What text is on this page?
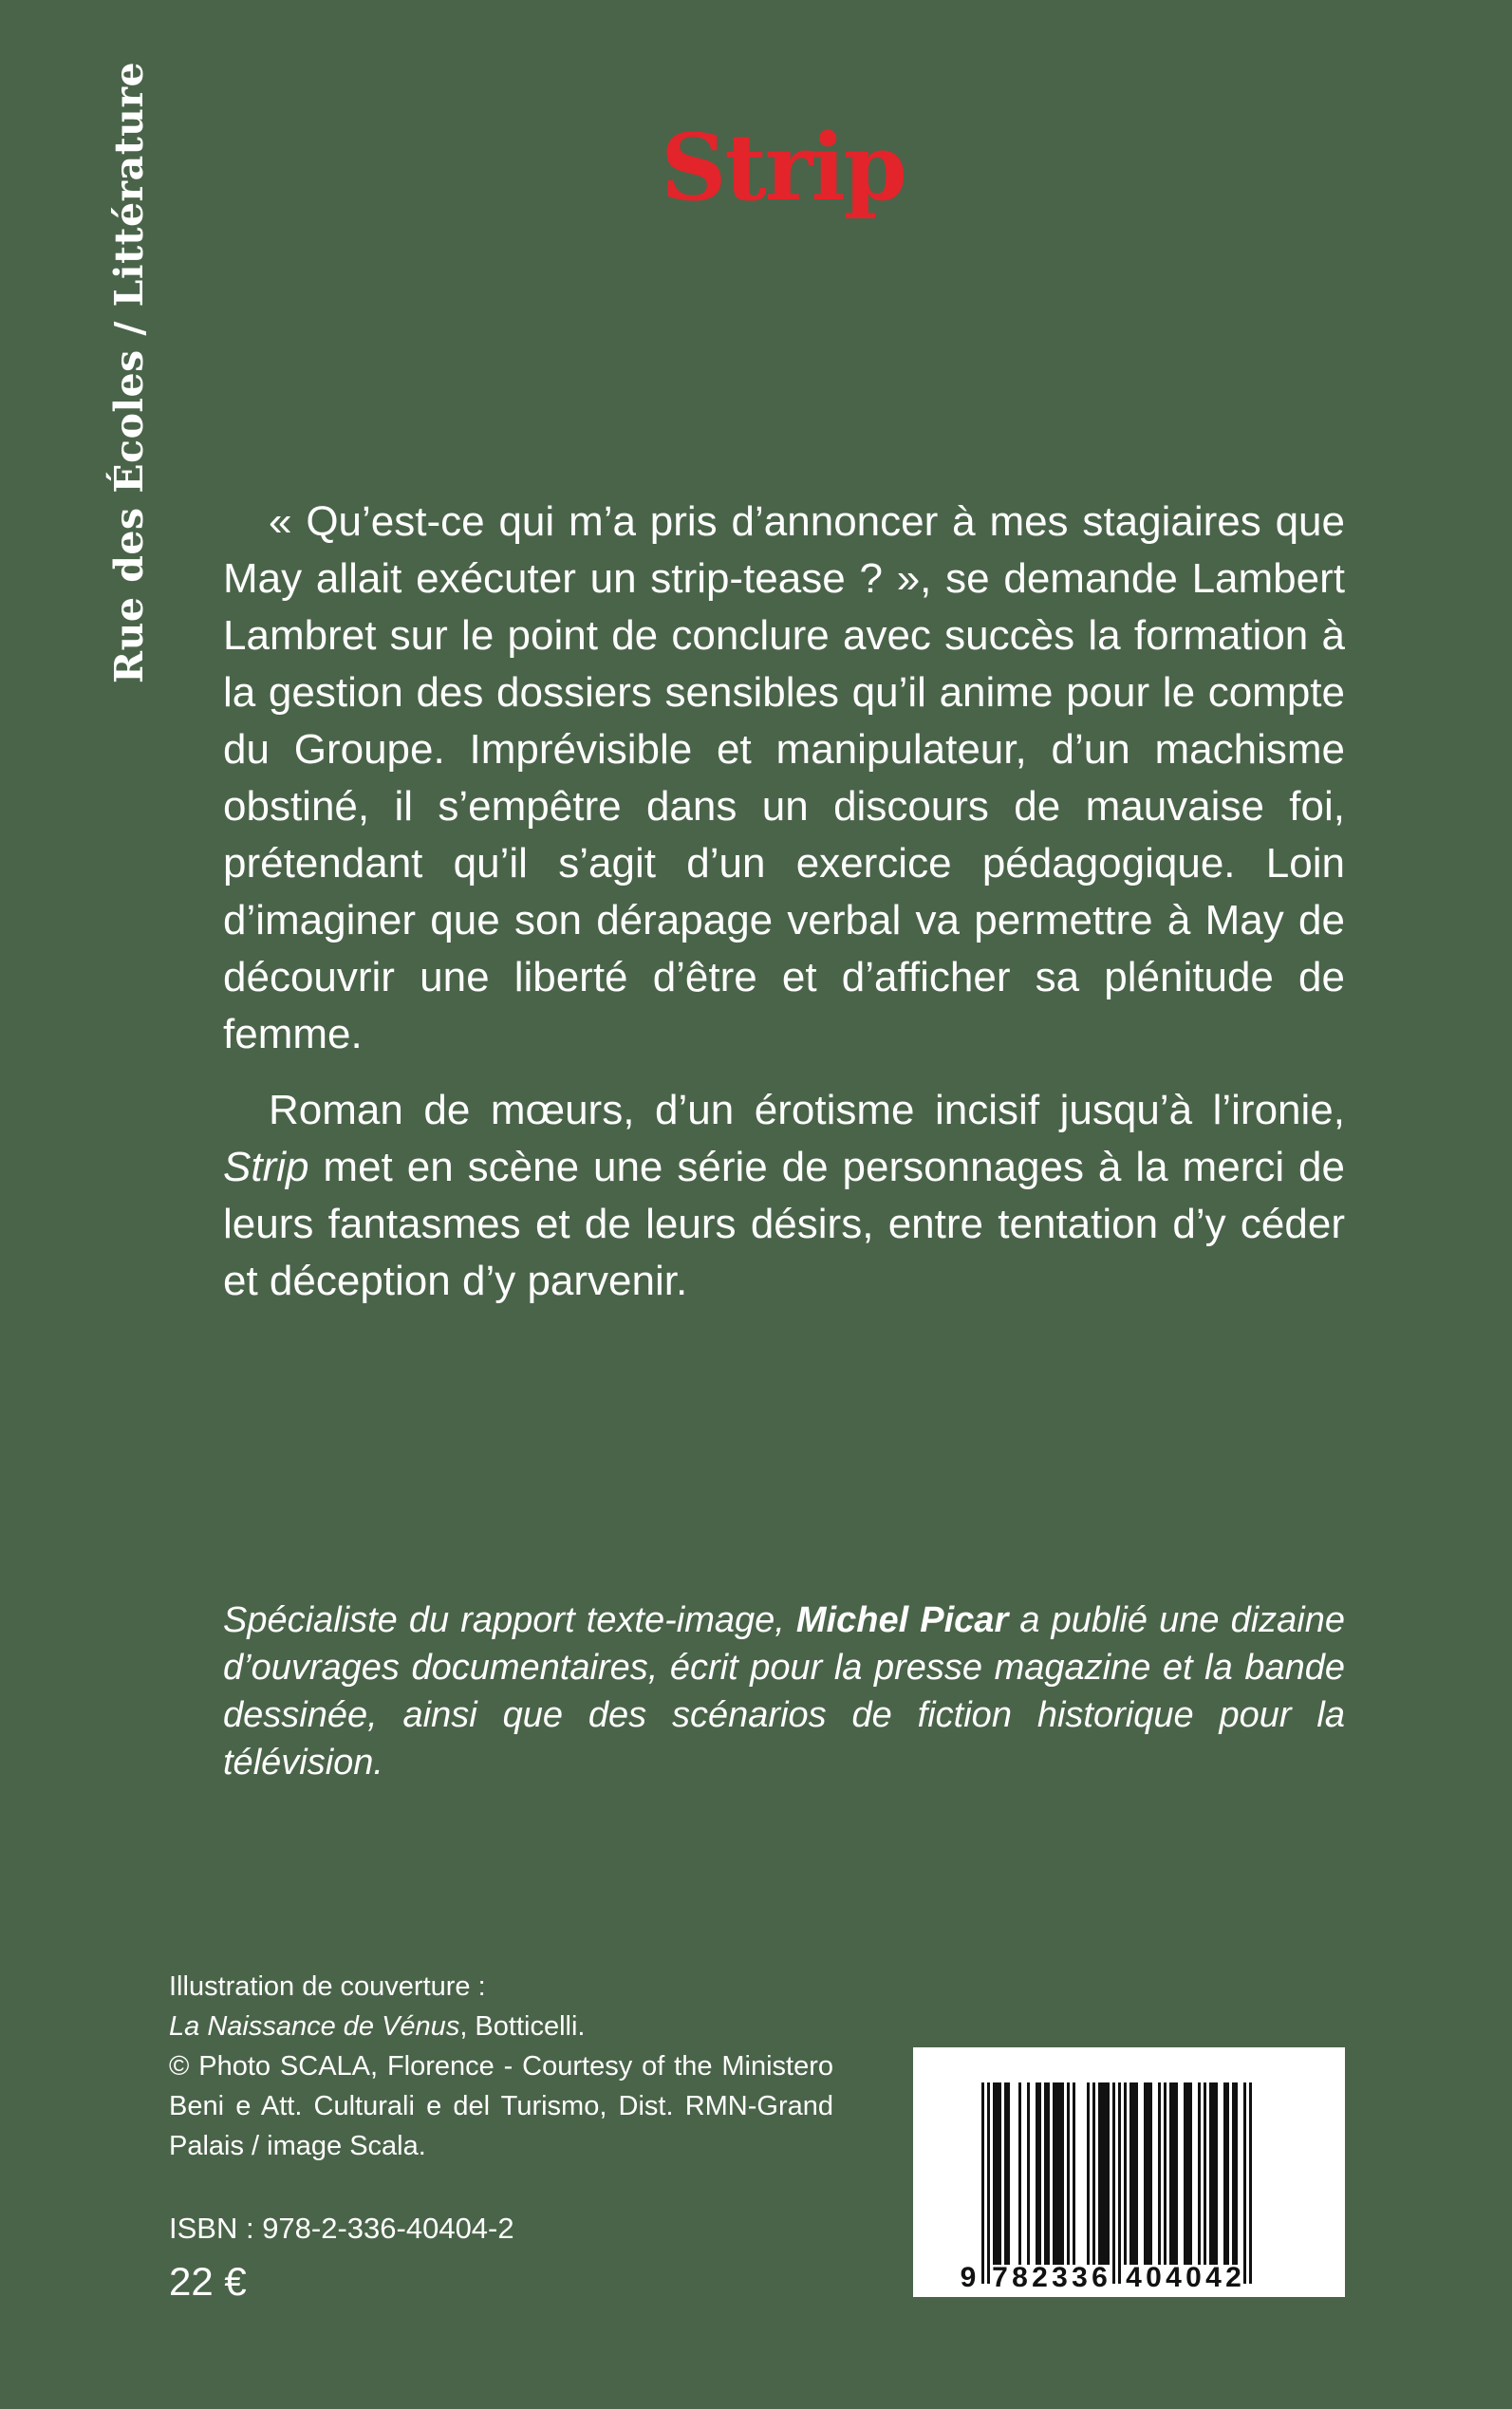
Rue des Écoles / Littérature	Strip

« Qu’est-ce qui m’a pris d’annoncer à mes stagiaires que May allait exécuter un strip-tease ? », se demande Lambert Lambret sur le point de conclure avec succès la formation à la gestion des dossiers sensibles qu’il anime pour le compte du Groupe. Imprévisible et manipulateur, d’un machisme obstiné, il s’empêtre dans un discours de mauvaise foi, prétendant qu’il s’agit d’un exercice pédagogique. Loin d’imaginer que son dérapage verbal va permettre à May de découvrir une liberté d’être et d’afficher sa plénitude de femme.

Roman de mœurs, d’un érotisme incisif jusqu’à l’ironie, Strip met en scène une série de personnages à la merci de leurs fantasmes et de leurs désirs, entre tentation d’y céder et déception d’y parvenir.

Spécialiste du rapport texte-image, Michel Picar a publié une dizaine d’ouvrages documentaires, écrit pour la presse magazine et la bande dessinée, ainsi que des scénarios de fiction historique pour la télévision.
Illustration de couverture :
La Naissance de Vénus, Botticelli.
© Photo SCALA, Florence - Courtesy of the Ministero Beni e Att. Culturali e del Turismo, Dist. RMN-Grand Palais / image Scala.
ISBN : 978-2-336-40404-2
22 €	9 7 8 2 3 3 6 4 0 4 0 4 2
